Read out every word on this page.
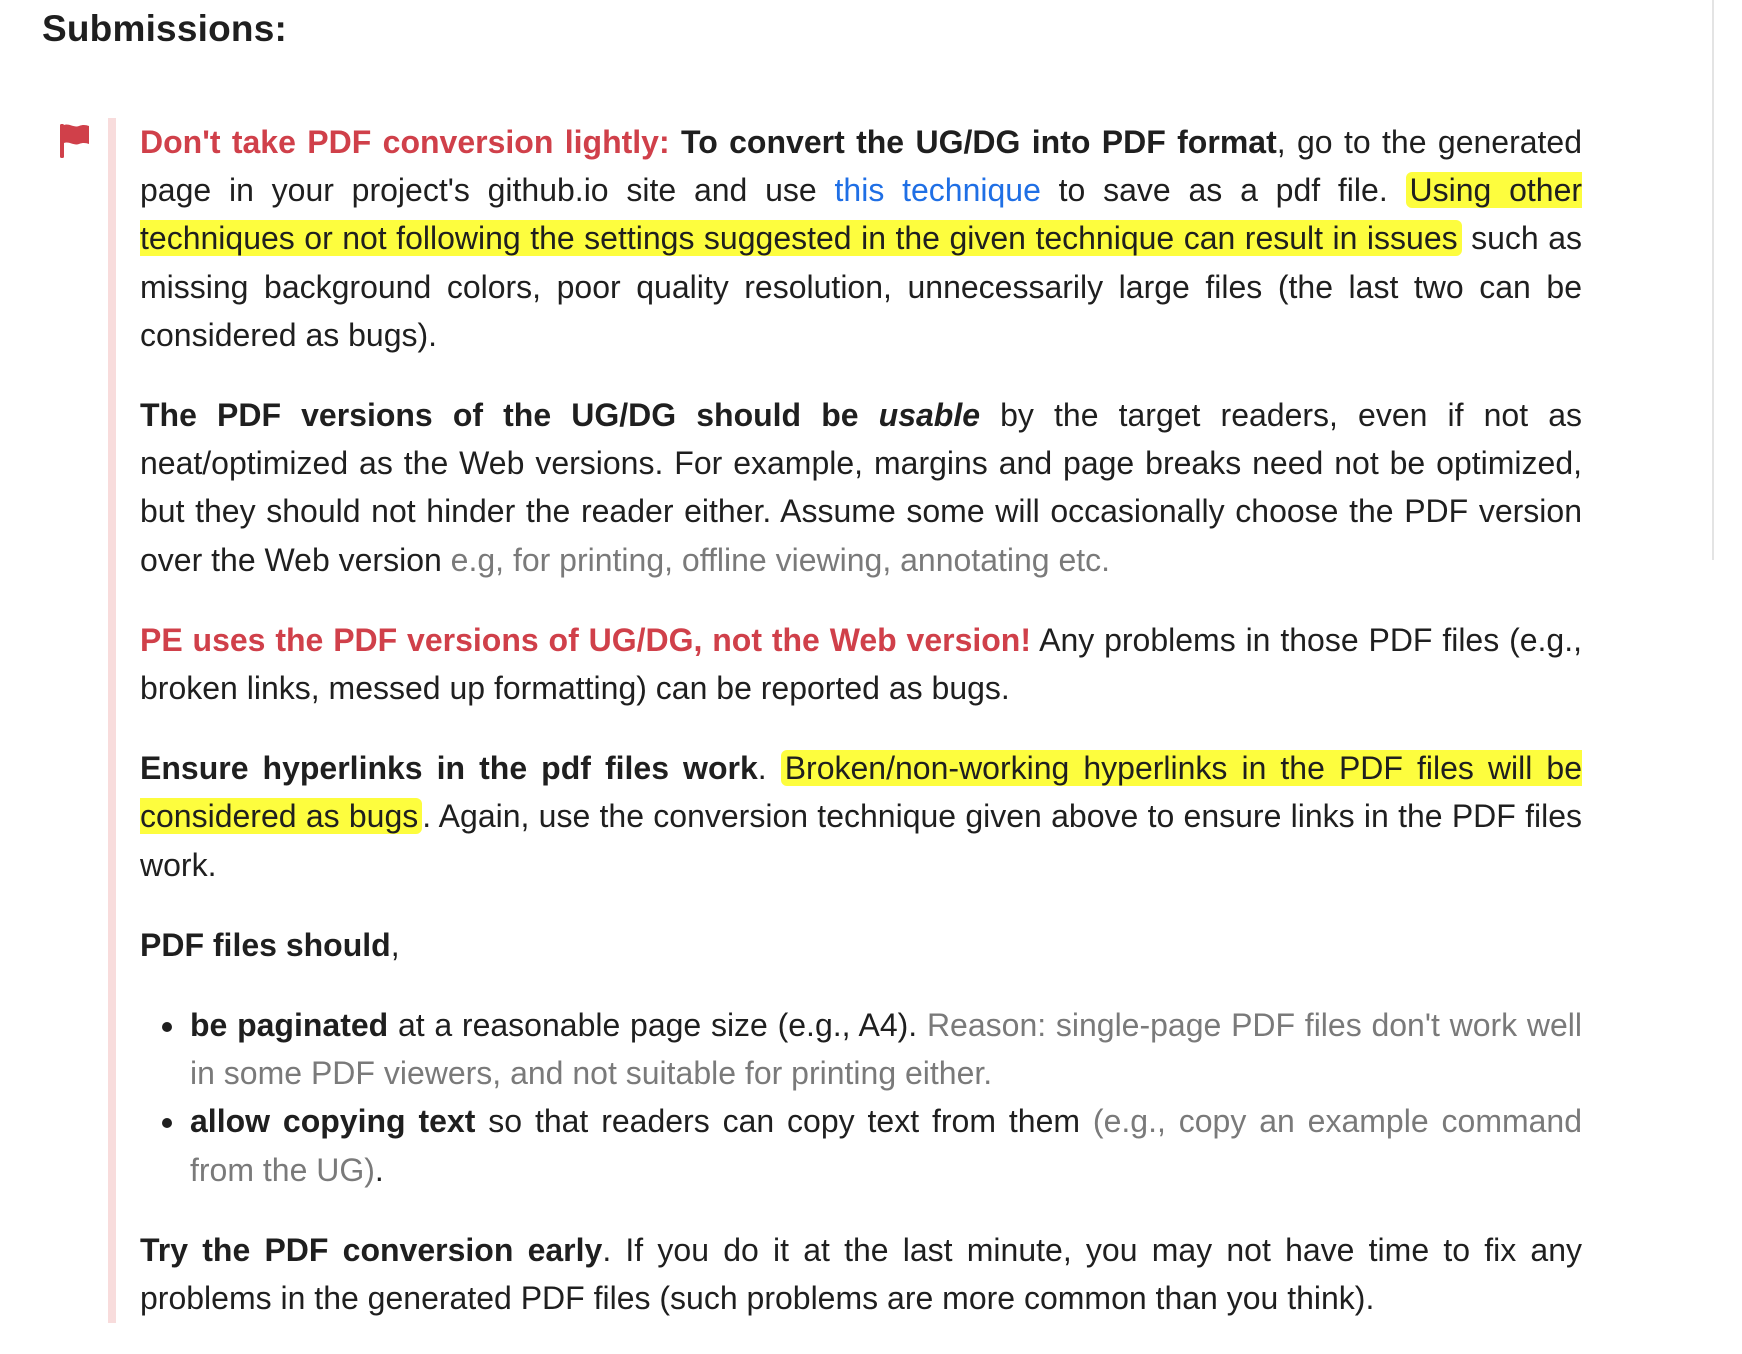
Submissions:

Don't take PDF conversion lightly: To convert the UG/DG into PDF format, go to the generated page in your project's github.io site and use this technique to save as a pdf file. Using other techniques or not following the settings suggested in the given technique can result in issues such as missing background colors, poor quality resolution, unnecessarily large files (the last two can be considered as bugs).

The PDF versions of the UG/DG should be usable by the target readers, even if not as neat/optimized as the Web versions. For example, margins and page breaks need not be optimized, but they should not hinder the reader either. Assume some will occasionally choose the PDF version over the Web version e.g, for printing, offline viewing, annotating etc.

PE uses the PDF versions of UG/DG, not the Web version! Any problems in those PDF files (e.g., broken links, messed up formatting) can be reported as bugs.

Ensure hyperlinks in the pdf files work. Broken/non-working hyperlinks in the PDF files will be considered as bugs . Again, use the conversion technique given above to ensure links in the PDF files work.

PDF files should,

• be paginated at a reasonable page size (e.g., A4). Reason: single-page PDF files don't work well in some PDF viewers, and not suitable for printing either.
• allow copying text so that readers can copy text from them (e.g., copy an example command from the UG).

Try the PDF conversion early. If you do it at the last minute, you may not have time to fix any problems in the generated PDF files (such problems are more common than you think).
